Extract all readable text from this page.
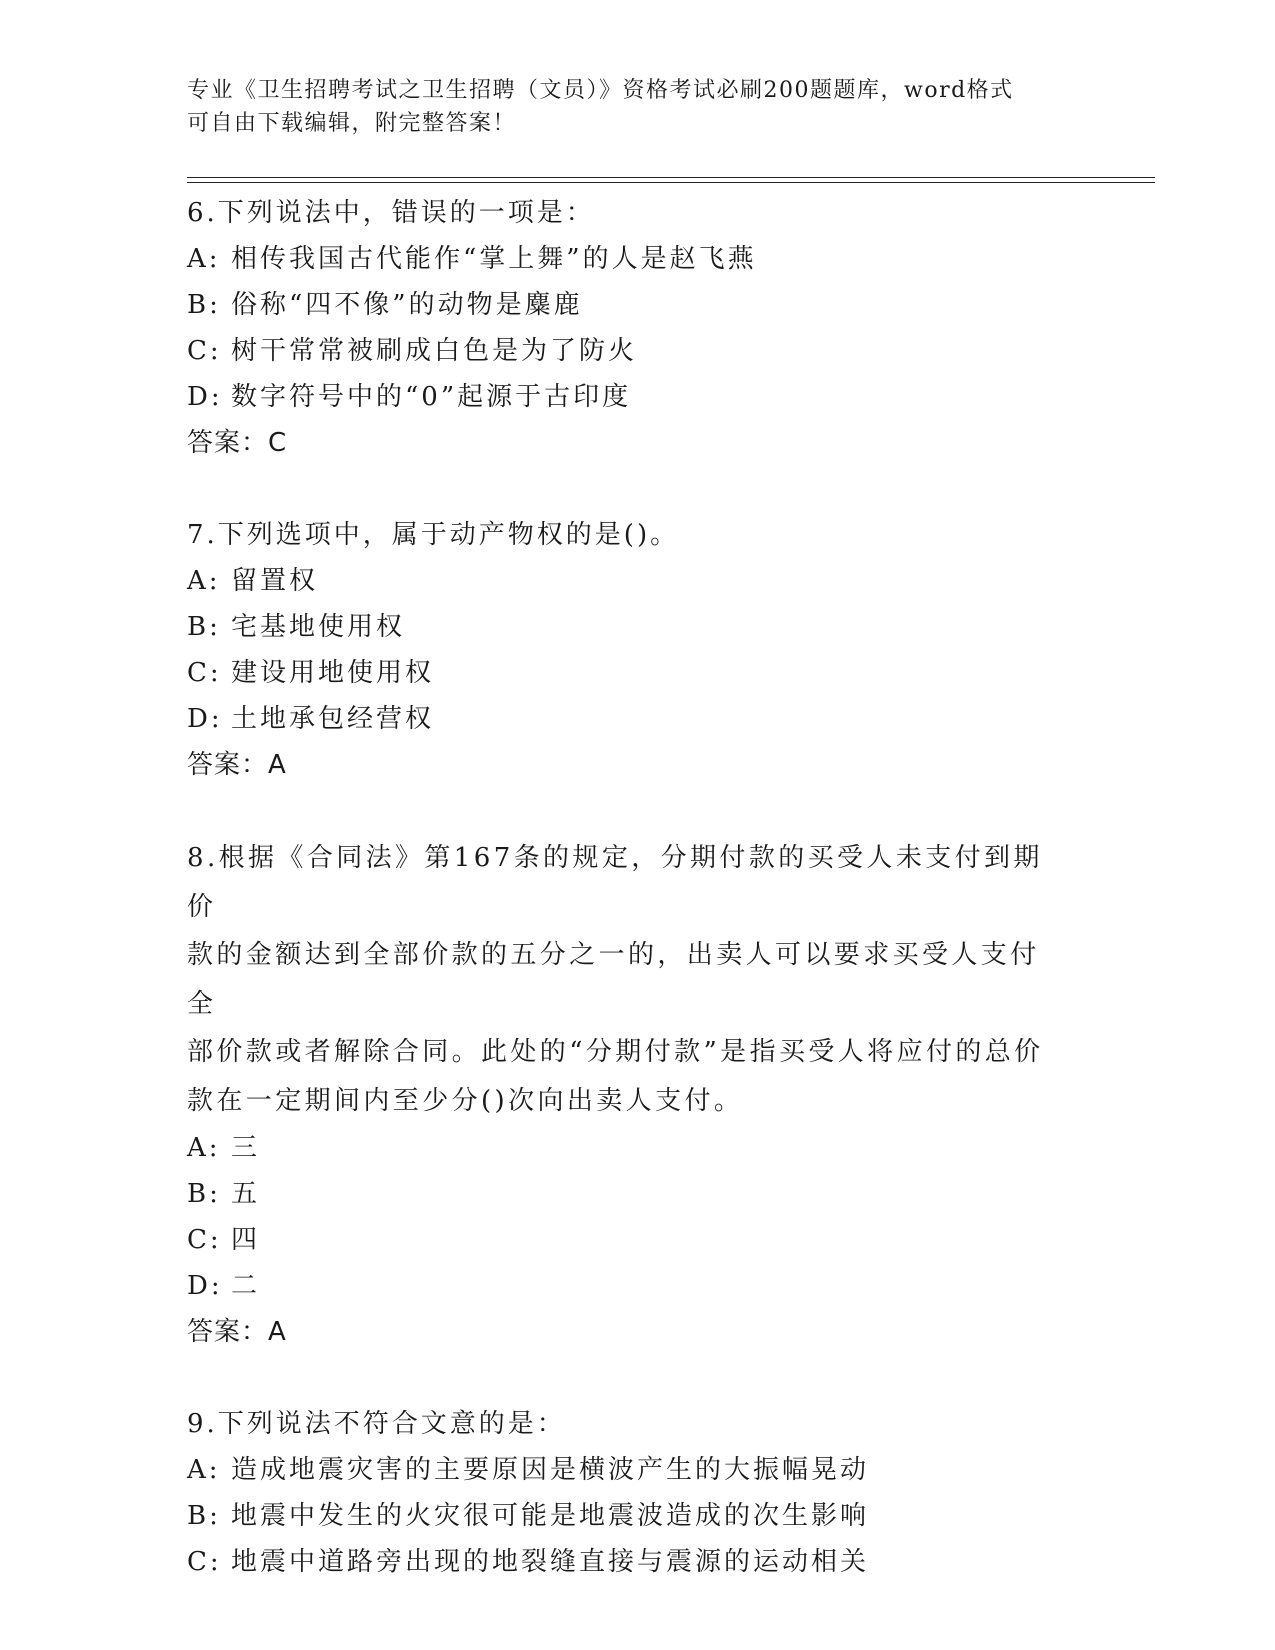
专业《卫生招聘考试之卫生招聘（文员）》资格考试必刷200题题库，word格式
可自由下载编辑，附完整答案！
6.下列说法中，错误的一项是：
A: 相传我国古代能作“掌上舞”的人是赵飞燕
B: 俗称“四不像”的动物是麋鹿
C: 树干常常被刷成白色是为了防火
D: 数字符号中的“0”起源于古印度
答案：C
7.下列选项中，属于动产物权的是()。
A: 留置权
B: 宅基地使用权
C: 建设用地使用权
D: 土地承包经营权
答案：A
8.根据《合同法》第167条的规定，分期付款的买受人未支付到期价
款的金额达到全部价款的五分之一的，出卖人可以要求买受人支付全
部价款或者解除合同。此处的“分期付款”是指买受人将应付的总价
款在一定期间内至少分()次向出卖人支付。
A: 三
B: 五
C: 四
D: 二
答案：A
9.下列说法不符合文意的是：
A: 造成地震灾害的主要原因是横波产生的大振幅晃动
B: 地震中发生的火灾很可能是地震波造成的次生影响
C: 地震中道路旁出现的地裂缝直接与震源的运动相关
